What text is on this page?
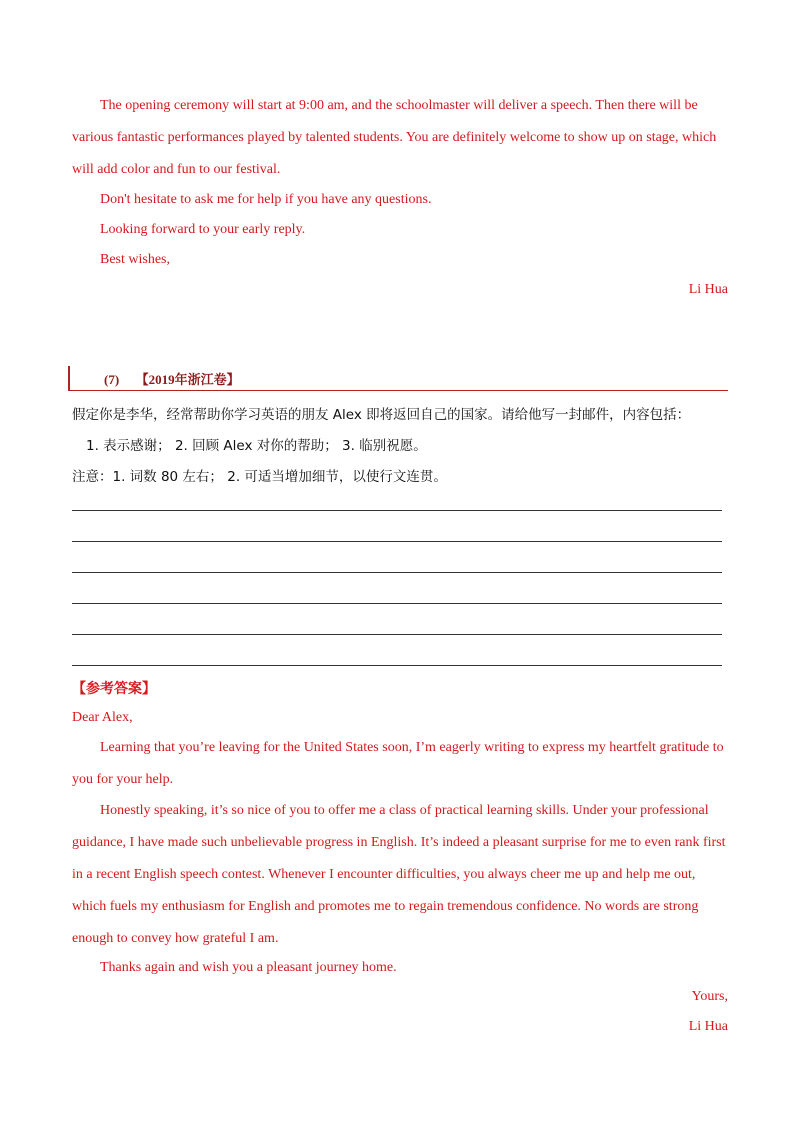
The opening ceremony will start at 9:00 am, and the schoolmaster will deliver a speech. Then there will be various fantastic performances played by talented students. You are definitely welcome to show up on stage, which will add color and fun to our festival.

Don't hesitate to ask me for help if you have any questions.

Looking forward to your early reply.

Best wishes,

Li Hua

(7) 【2019年浙江卷】

假定你是李华，经常帮助你学习英语的朋友 Alex 即将返回自己的国家。请给他写一封邮件，内容包括：

1. 表示感谢； 2. 回顾 Alex 对你的帮助； 3. 临别祝愿。

注意：1. 词数 80 左右； 2. 可适当增加细节，以使行文连贯。

【参考答案】

Dear Alex,

Learning that you’re leaving for the United States soon, I’m eagerly writing to express my heartfelt gratitude to you for your help.

Honestly speaking, it’s so nice of you to offer me a class of practical learning skills. Under your professional guidance, I have made such unbelievable progress in English. It’s indeed a pleasant surprise for me to even rank first in a recent English speech contest. Whenever I encounter difficulties, you always cheer me up and help me out, which fuels my enthusiasm for English and promotes me to regain tremendous confidence. No words are strong enough to convey how grateful I am.

Thanks again and wish you a pleasant journey home.

Yours,

Li Hua
